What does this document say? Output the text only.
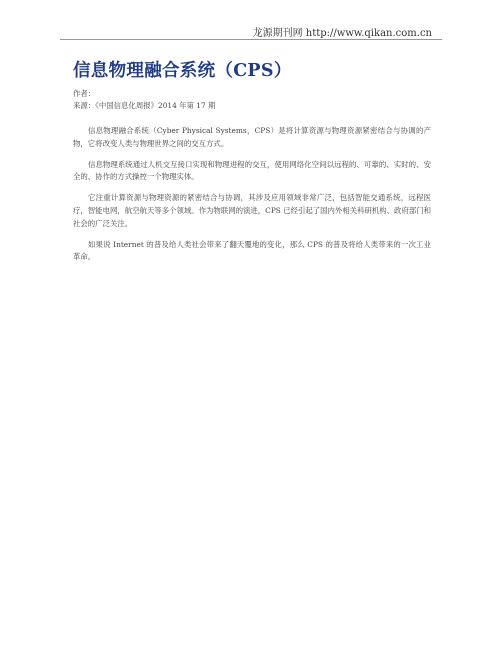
龙源期刊网 http://www.qikan.com.cn
信息物理融合系统（CPS）
作者：
来源：《中国信息化周报》2014 年第 17 期

信息物理融合系统（Cyber Physical Systems，CPS）是将计算资源与物理资源紧密结合与协调的产物，它将改变人类与物理世界之间的交互方式。

信息物理系统通过人机交互接口实现和物理进程的交互，使用网络化空间以远程的、可靠的、实时的、安全的、协作的方式操控一个物理实体。

它注重计算资源与物理资源的紧密结合与协调，其涉及应用领域非常广泛，包括智能交通系统，远程医疗，智能电网，航空航天等多个领域。作为物联网的演进，CPS 已经引起了国内外相关科研机构、政府部门和社会的广泛关注。

如果说 Internet 的普及给人类社会带来了翻天覆地的变化，那么 CPS 的普及将给人类带来的一次工业革命。
